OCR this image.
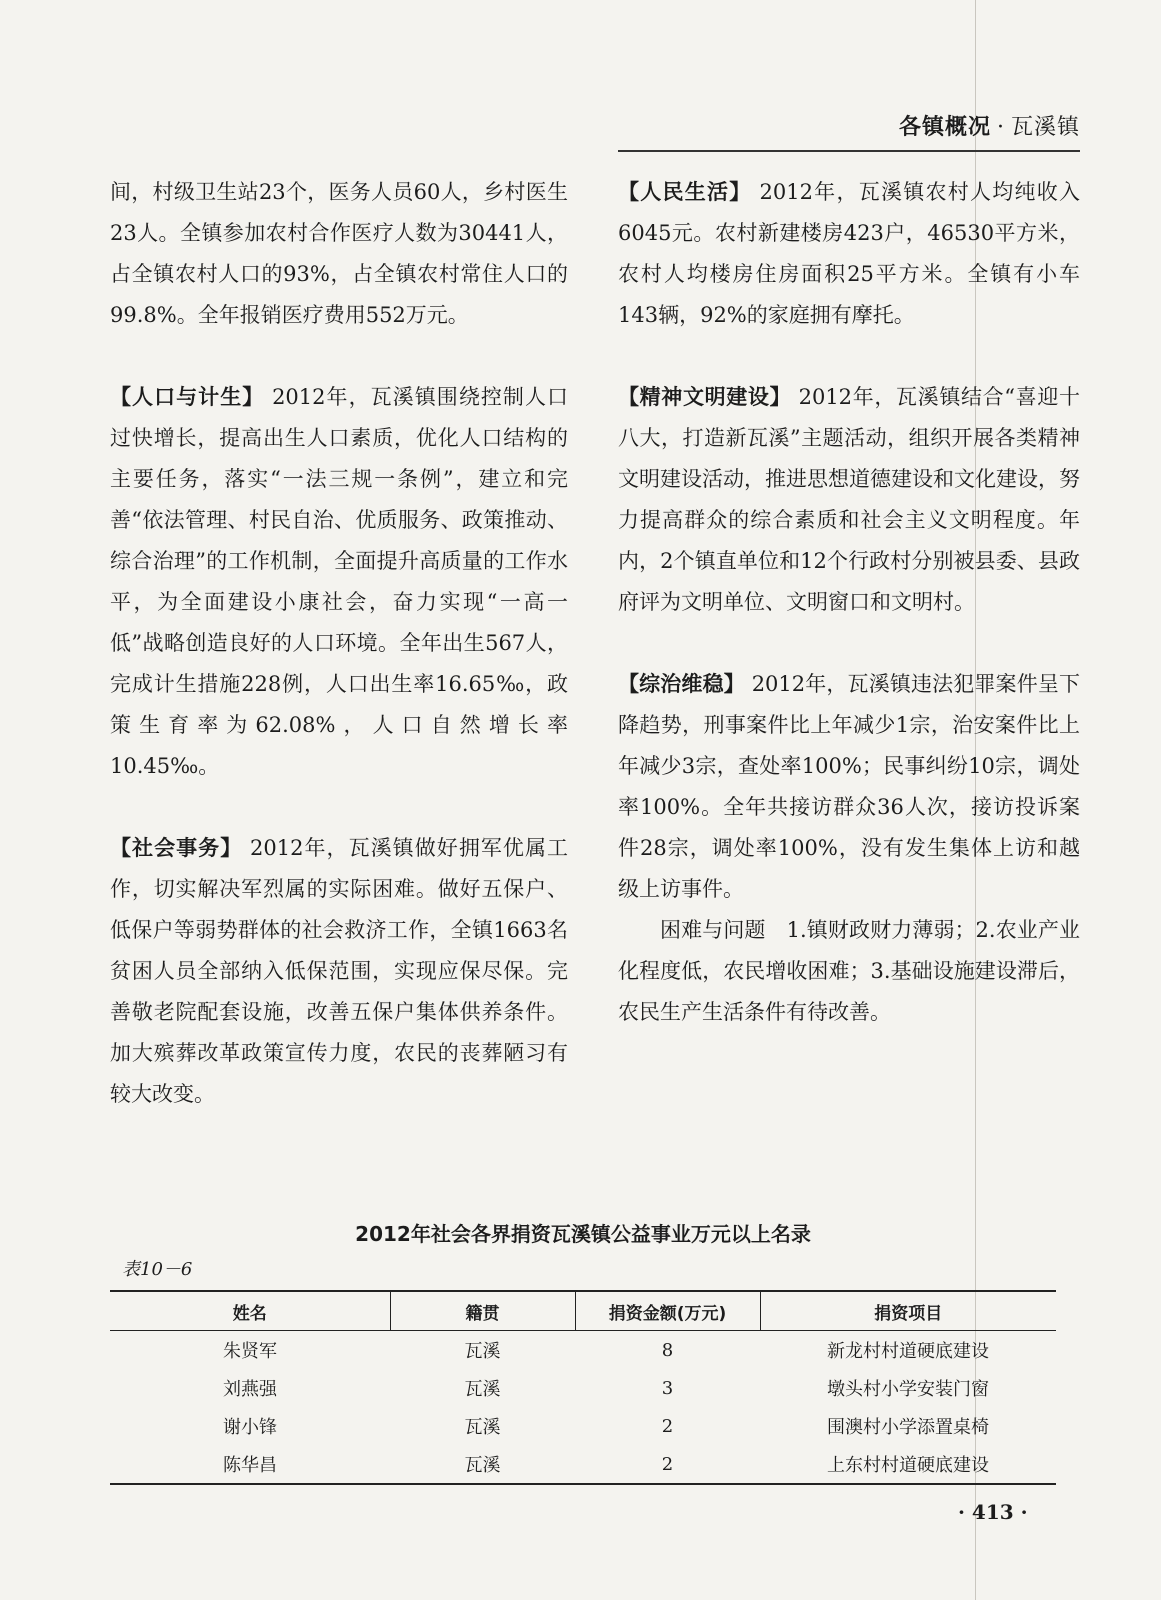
各镇概况 · 瓦溪镇

间，村级卫生站23个，医务人员60人，乡村医生23人。全镇参加农村合作医疗人数为30441人，占全镇农村人口的93%，占全镇农村常住人口的99.8%。全年报销医疗费用552万元。

【人口与计生】 2012年，瓦溪镇围绕控制人口过快增长，提高出生人口素质，优化人口结构的主要任务，落实“一法三规一条例”，建立和完善“依法管理、村民自治、优质服务、政策推动、综合治理”的工作机制，全面提升高质量的工作水平，为全面建设小康社会，奋力实现“一高一低”战略创造良好的人口环境。全年出生567人，完成计生措施228例，人口出生率16.65‰，政策生育率为62.08%，人口自然增长率10.45‰。

【社会事务】 2012年，瓦溪镇做好拥军优属工作，切实解决军烈属的实际困难。做好五保户、低保户等弱势群体的社会救济工作，全镇1663名贫困人员全部纳入低保范围，实现应保尽保。完善敬老院配套设施，改善五保户集体供养条件。加大殡葬改革政策宣传力度，农民的丧葬陋习有较大改变。

【人民生活】 2012年，瓦溪镇农村人均纯收入6045元。农村新建楼房423户，46530平方米，农村人均楼房住房面积25平方米。全镇有小车143辆，92%的家庭拥有摩托。

【精神文明建设】 2012年，瓦溪镇结合“喜迎十八大，打造新瓦溪”主题活动，组织开展各类精神文明建设活动，推进思想道德建设和文化建设，努力提高群众的综合素质和社会主义文明程度。年内，2个镇直单位和12个行政村分别被县委、县政府评为文明单位、文明窗口和文明村。

【综治维稳】 2012年，瓦溪镇违法犯罪案件呈下降趋势，刑事案件比上年减少1宗，治安案件比上年减少3宗，查处率100%；民事纠纷10宗，调处率100%。全年共接访群众36人次，接访投诉案件28宗，调处率100%，没有发生集体上访和越级上访事件。

困难与问题　 1.镇财政财力薄弱；2.农业产业化程度低，农民增收困难；3.基础设施建设滞后，农民生产生活条件有待改善。

2012年社会各界捐资瓦溪镇公益事业万元以上名录
表10－6
姓名	籍贯	捐资金额(万元)	捐资项目
朱贤军	瓦溪	8	新龙村村道硬底建设
刘燕强	瓦溪	3	墩头村小学安装门窗
谢小锋	瓦溪	2	围澳村小学添置桌椅
陈华昌	瓦溪	2	上东村村道硬底建设
· 413 ·
